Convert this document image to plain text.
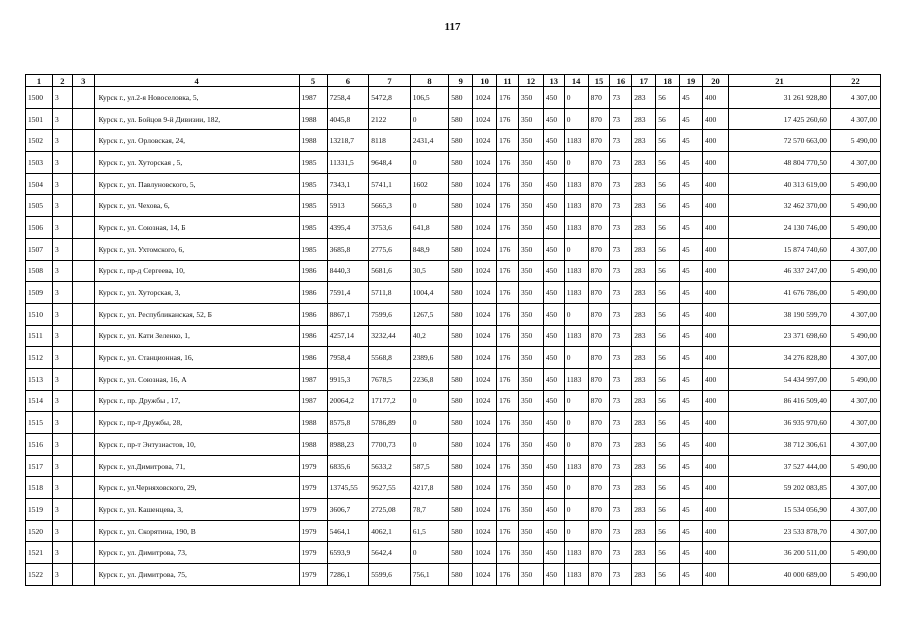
117
1	2	3	4	5	6	7	8	9	10	11	12	13	14	15	16	17	18	19	20	21	22
1500	3		Курск г., ул.2-я Новоселовка, 5,	1987	7258,4	5472,8	106,5	580	1024	176	350	450	0	870	73	283	56	45	400	31 261 928,80	4 307,00
1501	3		Курск г., ул. Бойцов 9-й Дивизии, 182,	1988	4045,8	2122	0	580	1024	176	350	450	0	870	73	283	56	45	400	17 425 260,60	4 307,00
1502	3		Курск г., ул. Орловская, 24,	1988	13218,7	8118	2431,4	580	1024	176	350	450	1183	870	73	283	56	45	400	72 570 663,00	5 490,00
1503	3		Курск г., ул. Хуторская , 5,	1985	11331,5	9648,4	0	580	1024	176	350	450	0	870	73	283	56	45	400	48 804 770,50	4 307,00
1504	3		Курск г., ул. Павлуновского, 5,	1985	7343,1	5741,1	1602	580	1024	176	350	450	1183	870	73	283	56	45	400	40 313 619,00	5 490,00
1505	3		Курск г., ул. Чехова, 6,	1985	5913	5665,3	0	580	1024	176	350	450	1183	870	73	283	56	45	400	32 462 370,00	5 490,00
1506	3		Курск г., ул. Союзная, 14, Б	1985	4395,4	3753,6	641,8	580	1024	176	350	450	1183	870	73	283	56	45	400	24 130 746,00	5 490,00
1507	3		Курск г., ул. Ухтомского, 6,	1985	3685,8	2775,6	848,9	580	1024	176	350	450	0	870	73	283	56	45	400	15 874 740,60	4 307,00
1508	3		Курск г., пр-д Сергеева, 10,	1986	8440,3	5681,6	30,5	580	1024	176	350	450	1183	870	73	283	56	45	400	46 337 247,00	5 490,00
1509	3		Курск г., ул. Хуторская, 3,	1986	7591,4	5711,8	1004,4	580	1024	176	350	450	1183	870	73	283	56	45	400	41 676 786,00	5 490,00
1510	3		Курск г., ул. Республиканская, 52, Б	1986	8867,1	7599,6	1267,5	580	1024	176	350	450	0	870	73	283	56	45	400	38 190 599,70	4 307,00
1511	3		Курск г., ул. Кати Зеленко, 1,	1986	4257,14	3232,44	40,2	580	1024	176	350	450	1183	870	73	283	56	45	400	23 371 698,60	5 490,00
1512	3		Курск г., ул. Станционная, 16,	1986	7958,4	5568,8	2389,6	580	1024	176	350	450	0	870	73	283	56	45	400	34 276 828,80	4 307,00
1513	3		Курск г., ул. Союзная, 16, А	1987	9915,3	7678,5	2236,8	580	1024	176	350	450	1183	870	73	283	56	45	400	54 434 997,00	5 490,00
1514	3		Курск г., пр. Дружбы , 17,	1987	20064,2	17177,2	0	580	1024	176	350	450	0	870	73	283	56	45	400	86 416 509,40	4 307,00
1515	3		Курск г., пр-т Дружбы, 28,	1988	8575,8	5786,89	0	580	1024	176	350	450	0	870	73	283	56	45	400	36 935 970,60	4 307,00
1516	3		Курск г., пр-т Энтузиастов, 10,	1988	8988,23	7700,73	0	580	1024	176	350	450	0	870	73	283	56	45	400	38 712 306,61	4 307,00
1517	3		Курск г., ул.Димитрова, 71,	1979	6835,6	5633,2	587,5	580	1024	176	350	450	1183	870	73	283	56	45	400	37 527 444,00	5 490,00
1518	3		Курск г., ул.Черняховского, 29,	1979	13745,55	9527,55	4217,8	580	1024	176	350	450	0	870	73	283	56	45	400	59 202 083,85	4 307,00
1519	3		Курск г., ул. Кашенцева, 3,	1979	3606,7	2725,08	78,7	580	1024	176	350	450	0	870	73	283	56	45	400	15 534 056,90	4 307,00
1520	3		Курск г., ул. Скорятина, 190, В	1979	5464,1	4062,1	61,5	580	1024	176	350	450	0	870	73	283	56	45	400	23 533 878,70	4 307,00
1521	3		Курск г., ул. Димитрова, 73,	1979	6593,9	5642,4	0	580	1024	176	350	450	1183	870	73	283	56	45	400	36 200 511,00	5 490,00
1522	3		Курск г., ул. Димитрова, 75,	1979	7286,1	5599,6	756,1	580	1024	176	350	450	1183	870	73	283	56	45	400	40 000 689,00	5 490,00
